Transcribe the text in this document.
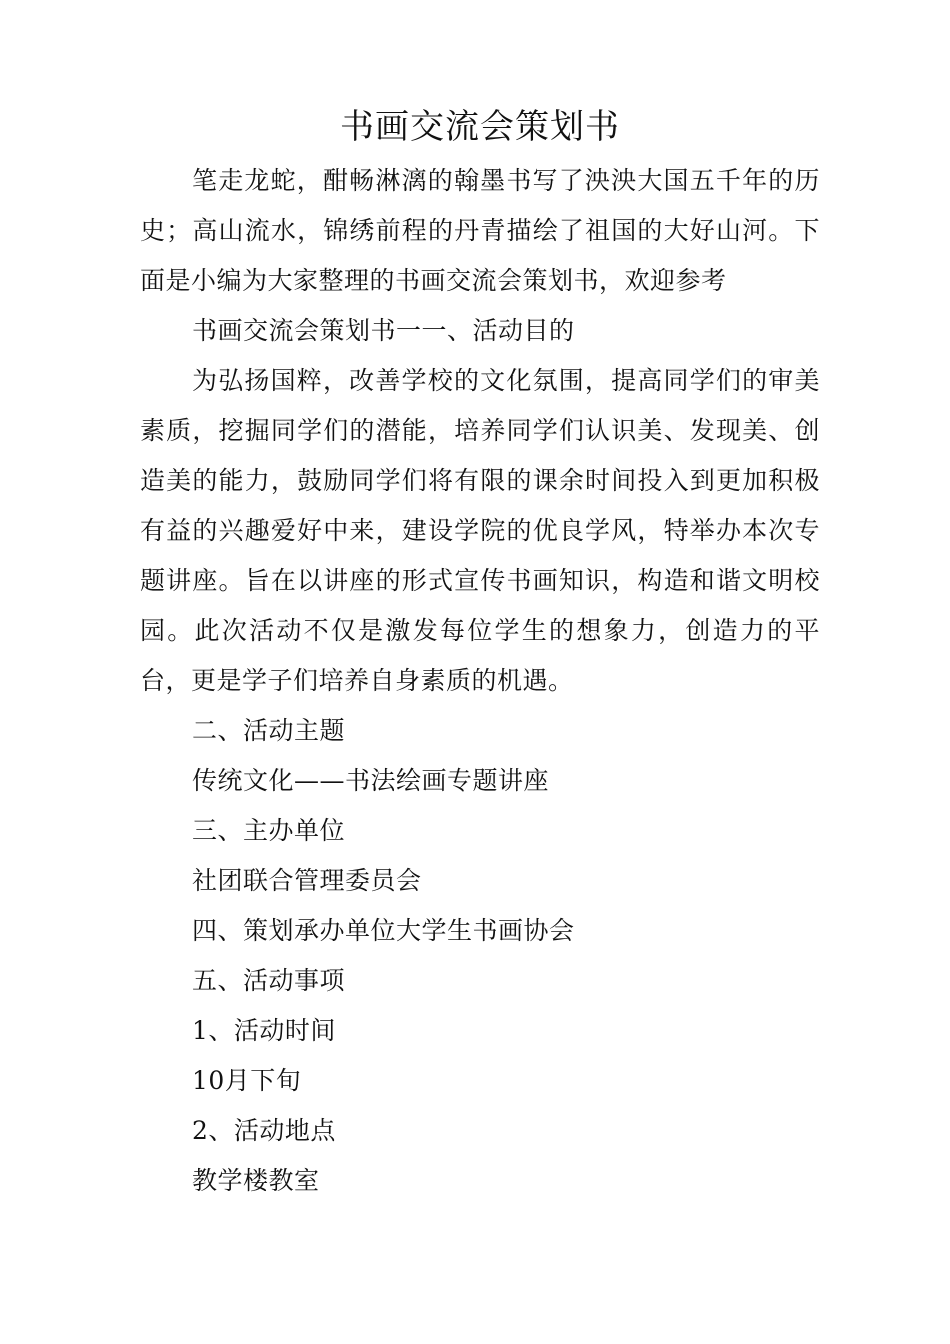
书画交流会策划书

笔走龙蛇，酣畅淋漓的翰墨书写了泱泱大国五千年的历史；高山流水，锦绣前程的丹青描绘了祖国的大好山河。下面是小编为大家整理的书画交流会策划书，欢迎参考

书画交流会策划书一一、活动目的

为弘扬国粹，改善学校的文化氛围，提高同学们的审美素质，挖掘同学们的潜能，培养同学们认识美、发现美、创造美的能力，鼓励同学们将有限的课余时间投入到更加积极有益的兴趣爱好中来，建设学院的优良学风，特举办本次专题讲座。旨在以讲座的形式宣传书画知识，构造和谐文明校园。此次活动不仅是激发每位学生的想象力，创造力的平台，更是学子们培养自身素质的机遇。

二、活动主题

传统文化——书法绘画专题讲座

三、主办单位

社团联合管理委员会

四、策划承办单位大学生书画协会

五、活动事项

1、活动时间

10月下旬

2、活动地点

教学楼教室
